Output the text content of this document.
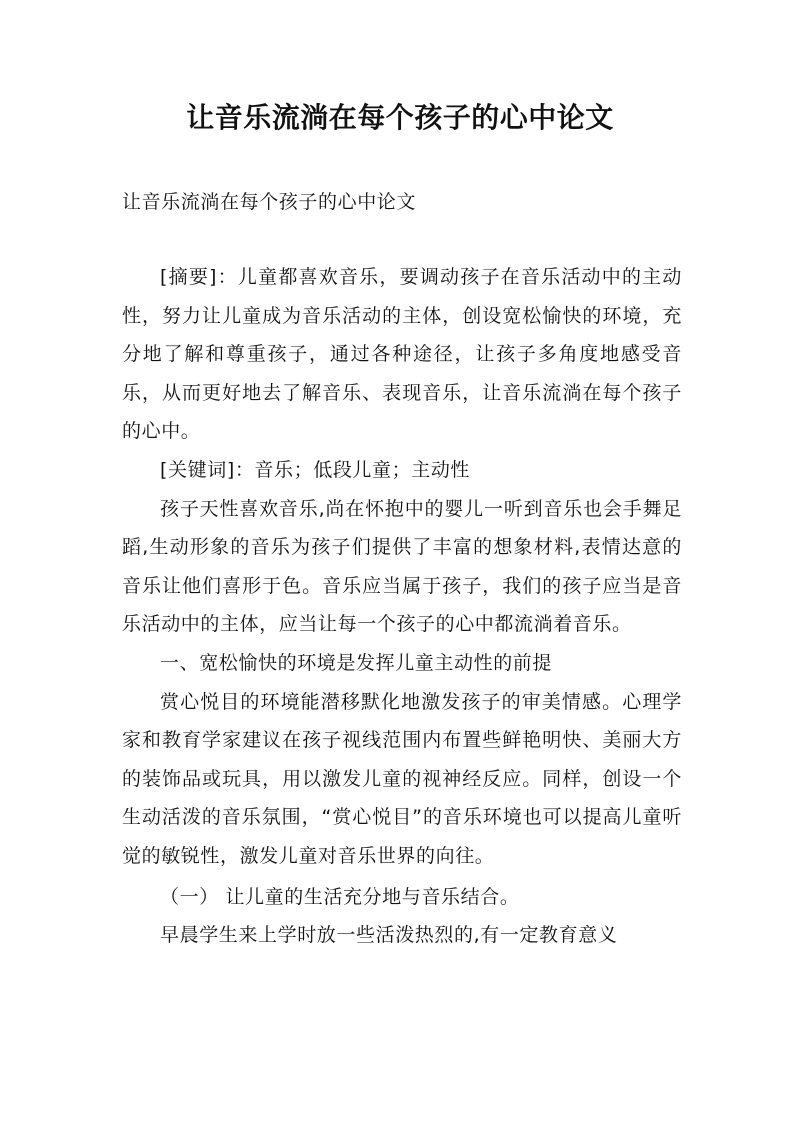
让音乐流淌在每个孩子的心中论文

让音乐流淌在每个孩子的心中论文

[摘要]：儿童都喜欢音乐，要调动孩子在音乐活动中的主动性，努力让儿童成为音乐活动的主体，创设宽松愉快的环境，充分地了解和尊重孩子，通过各种途径，让孩子多角度地感受音乐，从而更好地去了解音乐、表现音乐，让音乐流淌在每个孩子的心中。

[关键词]：音乐；低段儿童；主动性

孩子天性喜欢音乐,尚在怀抱中的婴儿一听到音乐也会手舞足蹈,生动形象的音乐为孩子们提供了丰富的想象材料,表情达意的音乐让他们喜形于色。音乐应当属于孩子，我们的孩子应当是音乐活动中的主体，应当让每一个孩子的心中都流淌着音乐。

一、宽松愉快的环境是发挥儿童主动性的前提

赏心悦目的环境能潜移默化地激发孩子的审美情感。心理学家和教育学家建议在孩子视线范围内布置些鲜艳明快、美丽大方的装饰品或玩具，用以激发儿童的视神经反应。同样，创设一个生动活泼的音乐氛围，“赏心悦目”的音乐环境也可以提高儿童听觉的敏锐性，激发儿童对音乐世界的向往。

（一） 让儿童的生活充分地与音乐结合。

早晨学生来上学时放一些活泼热烈的,有一定教育意义
